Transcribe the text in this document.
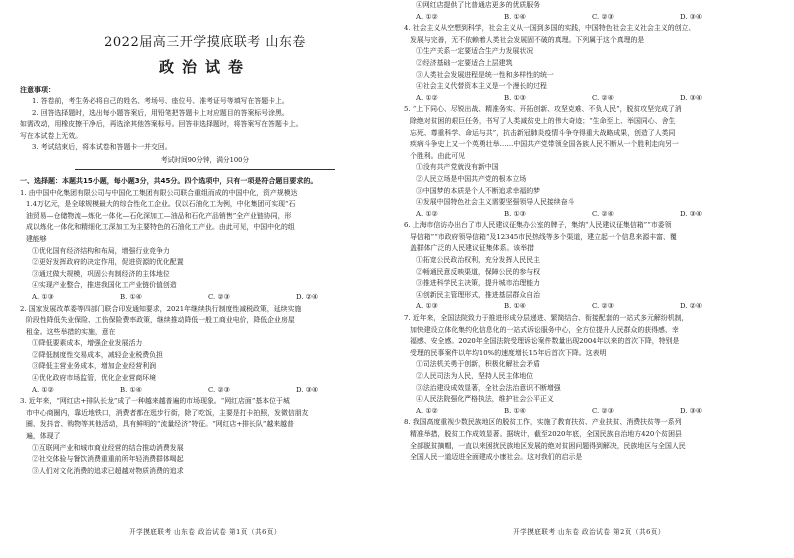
2022届高三开学摸底联考 山东卷
政治试卷
注意事项：
1. 答卷前，考生务必将自己的姓名、考场号、座位号、准考证号等填写在答题卡上。
2. 回答选择题时，选出每小题答案后，用铅笔把答题卡上对应题目的答案标号涂黑。
如需改动，用橡皮擦干净后，再选涂其他答案标号。回答非选择题时，将答案写在答题卡上。
写在本试卷上无效。
3. 考试结束后，将本试卷和答题卡一并交回。
考试时间90分钟，满分100分
一、选择题：本题共15小题，每小题3分，共45分。四个选项中，只有一项是符合题目要求的。
1. 由中国中化集团有限公司与中国化工集团有限公司联合重组而成的中国中化，资产规模达
1.4万亿元，是全球规模最大的综合性化工企业。仅以石油化工为例，中化集团可实现“石
油贸易—仓储物流—炼化一体化—石化深加工—油品和石化产品销售”全产业链协同，形
成以炼化一体化和精细化工深加工为主要特色的石油化工产业。由此可见，中国中化的组
建能够
①优化国有经济结构和布局，增强行业竞争力
②更好发挥政府的决定作用，促进资源的优化配置
③通过做大规模，巩固公有制经济的主体地位
④实现产业整合，推进我国化工产业链价值创造
A. ①③	B. ①④	C. ②③	D. ②④
2. 国家发展改革委等四部门联合印发通知要求，2021年继续执行制度性减税政策，延续实施
阶段性降低失业保险、工伤保险费率政策，继续推动降低一般工商业电价，降低企业房屋
租金。这些举措的实施，意在
①降低要素成本，增强企业发展活力
②降低制度性交易成本，减轻企业税费负担
③降低主营业务成本，增加企业经营利润
④优化政府市场监管，优化企业营商环境
A. ①②	B. ①④	C. ②③	D. ③④
3. 近年来，“网红店+排队长龙”成了一种越来越普遍的市场现象。“网红店面”基本位于城
市中心商圈内，靠近地铁口，消费者都在逛步行街，除了吃饭，主要是打卡拍照，发微信朋友
圈、发抖音、购物等其他活动，具有鲜明的“流量经济”特征。“网红店+排长队”越来越普
遍，体现了
①互联网产业和城市商业经营的结合推动消费发展
②社交体验与餐饮消费重重前所年轻消费群体喝起
③人们对文化消费的追求已超越对物质消费的追求
④网红店提供了比普通店更多的优质服务
A. ①②	B. ①④	C. ②③	D. ③④
4. 社会主义从空想到科学，社会主义从一国到多国的实践，中国特色社会主义社会主义的创立、
发展与完善，无不依赖着人类社会发展固不破的真理。下列属于这个真理的是
①生产关系一定要适合生产力发展状况
②经济基础一定要适合上层建筑
③人类社会发展进程是统一性和多样性的统一
④社会主义代替资本主义是一个漫长的过程
A. ①②	B. ①③	C. ②④	D. ③④
5. “上下同心、尽锐出战、精准务实、开拓创新、攻坚克难、不负人民”，脱贫攻坚完成了消
除绝对贫困的艰巨任务，书写了人类减贫史上的伟大奇迹；“生命至上、举国同心、舍生
忘死、尊重科学、命运与共”，抗击新冠肺炎疫情斗争夺得重大战略成果，创造了人类同
疾病斗争史上又一个英勇壮举……中国共产党带领全国各族人民不断从一个胜利走向另一
个胜利。由此可见
①没有共产党就没有新中国
②人民立场是中国共产党的根本立场
③中国梦的本质是个人不断追求幸福的梦
④发展中国特色社会主义需要坚强领导人民接续奋斗
A. ①②	B. ①③	C. ②④	D. ③④
6. 上海市信访办出台了市人民建议征集办公室的牌子，集纳“人民建议征集信箱”“市委领
导信箱”“市政府领导信箱”及12345市民热线等多个渠道，建立起一个信息来源丰富、覆
盖群体广泛的人民建议征集体系。该举措
①拓宽公民政治权利，充分发挥人民民主
②畅通民意反映渠道，保障公民的参与权
③推进科学民主决策，提升城市治理能力
④创新民主管理形式，推进基层群众自治
A. ①③	B. ①④	C. ②③	D. ②④
7. 近年来，全国法院致力于推进形成分层递进、繁简结合、衔接配套的一站式多元解纷机制，
加快建设立体化集约化信息化的一站式诉讼服务中心，全方位提升人民群众的获得感、幸
福感、安全感。2020年全国法院受理诉讼案件数量出现2004年以来的首次下降，特别是
受理的民事案件以年均10%的速度增长15年后首次下降。这表明
①司法机关勇于创新，积极化解社会矛盾
②人民司法为人民，坚持人民主体地位
③法治建设成效显著，全社会法治意识不断增强
④人民法院强化严格执法，维护社会公平正义
A. ①②	B. ①④	C. ②③	D. ③④
8. 我国高度重视少数民族地区的脱贫工作，实施了教育扶贫、产业扶贫、消费扶贫等一系列
精准举措，脱贫工作成效显著。据统计，截至2020年底，全国民族自治地方420个贫困县
全部脱贫摘帽，一直以来困扰民族地区发展的绝对贫困问题得到解决，民族地区与全国人民
全国人民一道迈进全面建成小康社会。这对我们的启示是
开学摸底联考 山东卷 政治试卷 第1页（共6页）	开学摸底联考 山东卷 政治试卷 第2页（共6页）
